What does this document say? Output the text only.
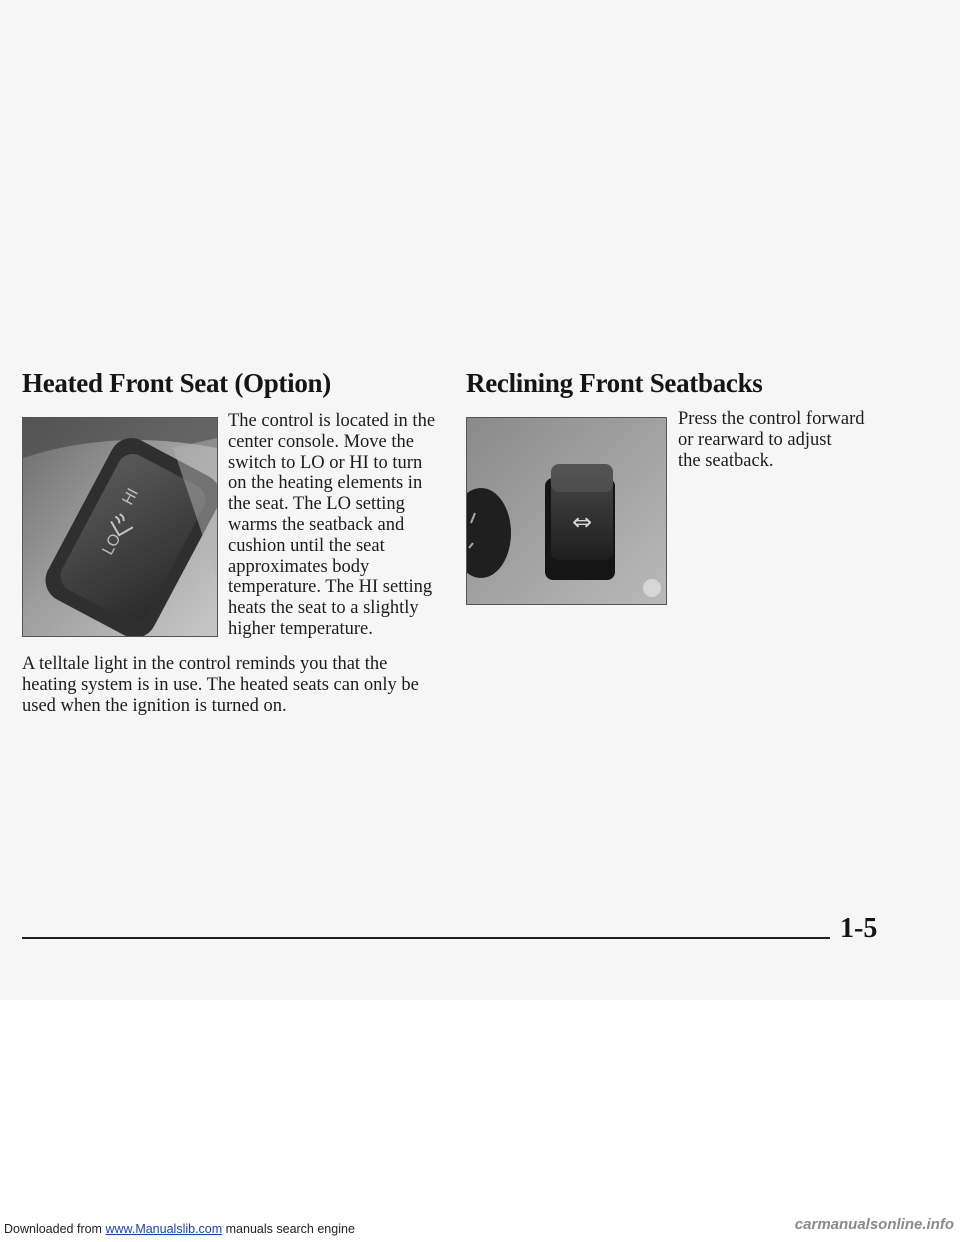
Heated Front Seat (Option)
HI
LO
The control is located in the
center console. Move the
switch to LO or HI to turn
on the heating elements in
the seat. The LO setting
warms the seatback and
cushion until the seat
approximates body
temperature. The HI setting
heats the seat to a slightly
higher temperature.
A telltale light in the control reminds you that the
heating system is in use. The heated seats can only be
used when the ignition is turned on.
Reclining Front Seatbacks
⇔
Press the control forward
or rearward to adjust
the seatback.
1-5
Downloaded from www.Manualslib.com manuals search engine	carmanualsonline.info
